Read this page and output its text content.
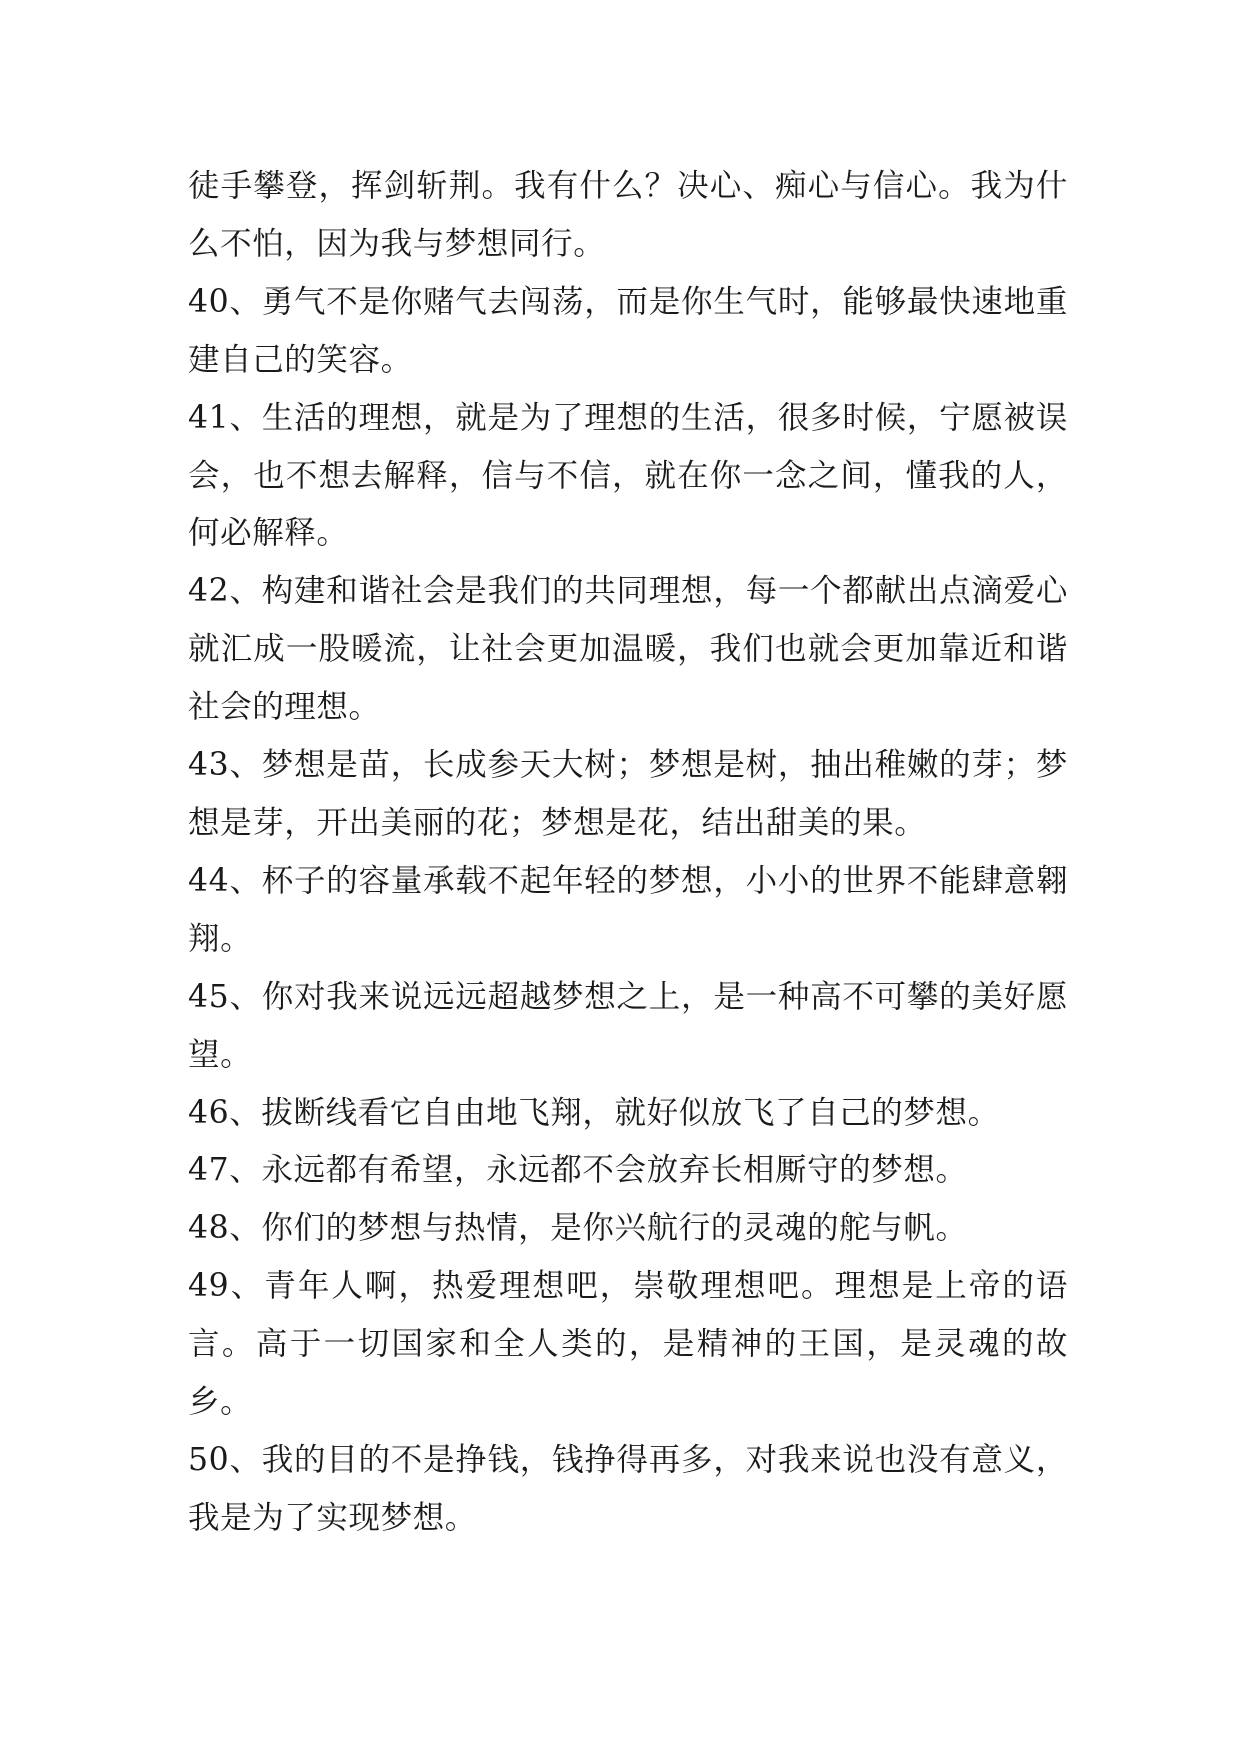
徒手攀登，挥剑斩荆。我有什么？决心、痴心与信心。我为什么不怕，因为我与梦想同行。

40、勇气不是你赌气去闯荡，而是你生气时，能够最快速地重建自己的笑容。

41、生活的理想，就是为了理想的生活，很多时候，宁愿被误会，也不想去解释，信与不信，就在你一念之间，懂我的人，何必解释。

42、构建和谐社会是我们的共同理想，每一个都献出点滴爱心就汇成一股暖流，让社会更加温暖，我们也就会更加靠近和谐社会的理想。

43、梦想是苗，长成参天大树；梦想是树，抽出稚嫩的芽；梦想是芽，开出美丽的花；梦想是花，结出甜美的果。

44、杯子的容量承载不起年轻的梦想，小小的世界不能肆意翱翔。

45、你对我来说远远超越梦想之上，是一种高不可攀的美好愿望。

46、拔断线看它自由地飞翔，就好似放飞了自己的梦想。

47、永远都有希望，永远都不会放弃长相厮守的梦想。

48、你们的梦想与热情，是你兴航行的灵魂的舵与帆。

49、青年人啊，热爱理想吧，崇敬理想吧。理想是上帝的语言。高于一切国家和全人类的，是精神的王国，是灵魂的故乡。

50、我的目的不是挣钱，钱挣得再多，对我来说也没有意义，我是为了实现梦想。
